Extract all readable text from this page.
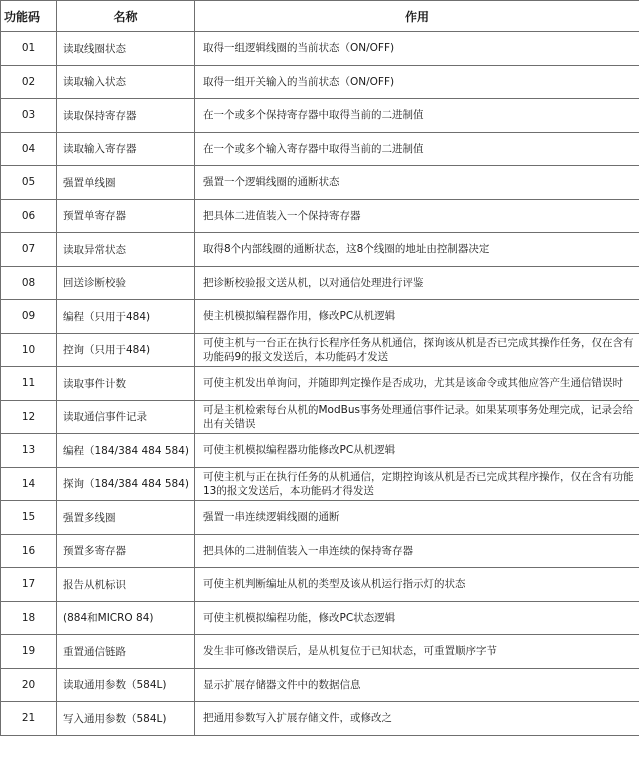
功能码	名称	作用
01	读取线圈状态	取得一组逻辑线圈的当前状态（ON/OFF)
02	读取输入状态	取得一组开关输入的当前状态（ON/OFF)
03	读取保持寄存器	在一个或多个保持寄存器中取得当前的二进制值
04	读取输入寄存器	在一个或多个输入寄存器中取得当前的二进制值
05	强置单线圈	强置一个逻辑线圈的通断状态
06	预置单寄存器	把具体二进值装入一个保持寄存器
07	读取异常状态	取得8个内部线圈的通断状态，这8个线圈的地址由控制器决定
08	回送诊断校验	把诊断校验报文送从机，以对通信处理进行评鉴
09	编程（只用于484)	使主机模拟编程器作用，修改PC从机逻辑
10	控询（只用于484)	可使主机与一台正在执行长程序任务从机通信，探询该从机是否已完成其操作任务，仅在含有功能码9的报文发送后，本功能码才发送
11	读取事件计数	可使主机发出单询问，并随即判定操作是否成功，尤其是该命令或其他应答产生通信错误时
12	读取通信事件记录	可是主机检索每台从机的ModBus事务处理通信事件记录。如果某项事务处理完成，记录会给出有关错误
13	编程（184/384 484 584)	可使主机模拟编程器功能修改PC从机逻辑
14	探询（184/384 484 584)	可使主机与正在执行任务的从机通信，定期控询该从机是否已完成其程序操作，仅在含有功能13的报文发送后，本功能码才得发送
15	强置多线圈	强置一串连续逻辑线圈的通断
16	预置多寄存器	把具体的二进制值装入一串连续的保持寄存器
17	报告从机标识	可使主机判断编址从机的类型及该从机运行指示灯的状态
18	(884和MICRO 84)	可使主机模拟编程功能，修改PC状态逻辑
19	重置通信链路	发生非可修改错误后，是从机复位于已知状态，可重置顺序字节
20	读取通用参数（584L)	显示扩展存储器文件中的数据信息
21	写入通用参数（584L)	把通用参数写入扩展存储文件，或修改之
